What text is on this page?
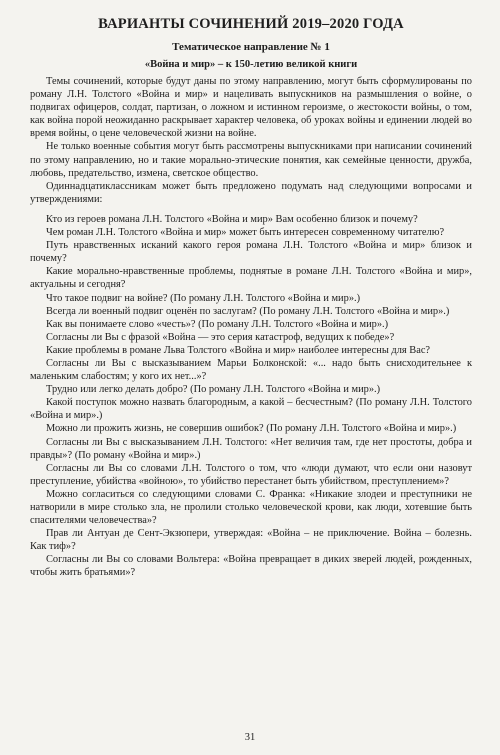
ВАРИАНТЫ СОЧИНЕНИЙ 2019–2020 ГОДА
Тематическое направление № 1
«Война и мир» – к 150-летию великой книги

Темы сочинений, которые будут даны по этому направлению, могут быть сформулированы по роману Л.Н. Толстого «Война и мир» и нацеливать выпускников на размышления о войне, о подвигах офицеров, солдат, партизан, о ложном и истинном героизме, о жестокости войны, о том, как война порой неожиданно раскрывает характер человека, об уроках войны и единении людей во время войны, о цене человеческой жизни на войне.

Не только военные события могут быть рассмотрены выпускниками при написании сочинений по этому направлению, но и такие морально-этические понятия, как семейные ценности, дружба, любовь, предательство, измена, светское общество.

Одиннадцатиклассникам может быть предложено подумать над следующими вопросами и утверждениями:

Кто из героев романа Л.Н. Толстого «Война и мир» Вам особенно близок и почему?

Чем роман Л.Н. Толстого «Война и мир» может быть интересен современному читателю?

Путь нравственных исканий какого героя романа Л.Н. Толстого «Война и мир» близок и почему?

Какие морально-нравственные проблемы, поднятые в романе Л.Н. Толстого «Война и мир», актуальны и сегодня?

Что такое подвиг на войне? (По роману Л.Н. Толстого «Война и мир».)

Всегда ли военный подвиг оценён по заслугам? (По роману Л.Н. Толстого «Война и мир».)

Как вы понимаете слово «честь»? (По роману Л.Н. Толстого «Война и мир».)

Согласны ли Вы с фразой «Война — это серия катастроф, ведущих к победе»?

Какие проблемы в романе Льва Толстого «Война и мир» наиболее интересны для Вас?

Согласны ли Вы с высказыванием Марьи Болконской: «... надо быть снисходительнее к маленьким слабостям; у кого их нет...»?

Трудно или легко делать добро? (По роману Л.Н. Толстого «Война и мир».)

Какой поступок можно назвать благородным, а какой – бесчестным? (По роману Л.Н. Толстого «Война и мир».)

Можно ли прожить жизнь, не совершив ошибок? (По роману Л.Н. Толстого «Война и мир».)

Согласны ли Вы с высказыванием Л.Н. Толстого: «Нет величия там, где нет простоты, добра и правды»? (По роману «Война и мир».)

Согласны ли Вы со словами Л.Н. Толстого о том, что «люди думают, что если они назовут преступление, убийства «войною», то убийство перестанет быть убийством, преступлением»?

Можно согласиться со следующими словами С. Франка: «Никакие злодеи и преступники не натворили в мире столько зла, не пролили столько человеческой крови, как люди, хотевшие быть спасителями человечества»?

Прав ли Антуан де Сент-Экзюпери, утверждая: «Война – не приключение. Война – болезнь. Как тиф»?

Согласны ли Вы со словами Вольтера: «Война превращает в диких зверей людей, рожденных, чтобы жить братьями»?

31
